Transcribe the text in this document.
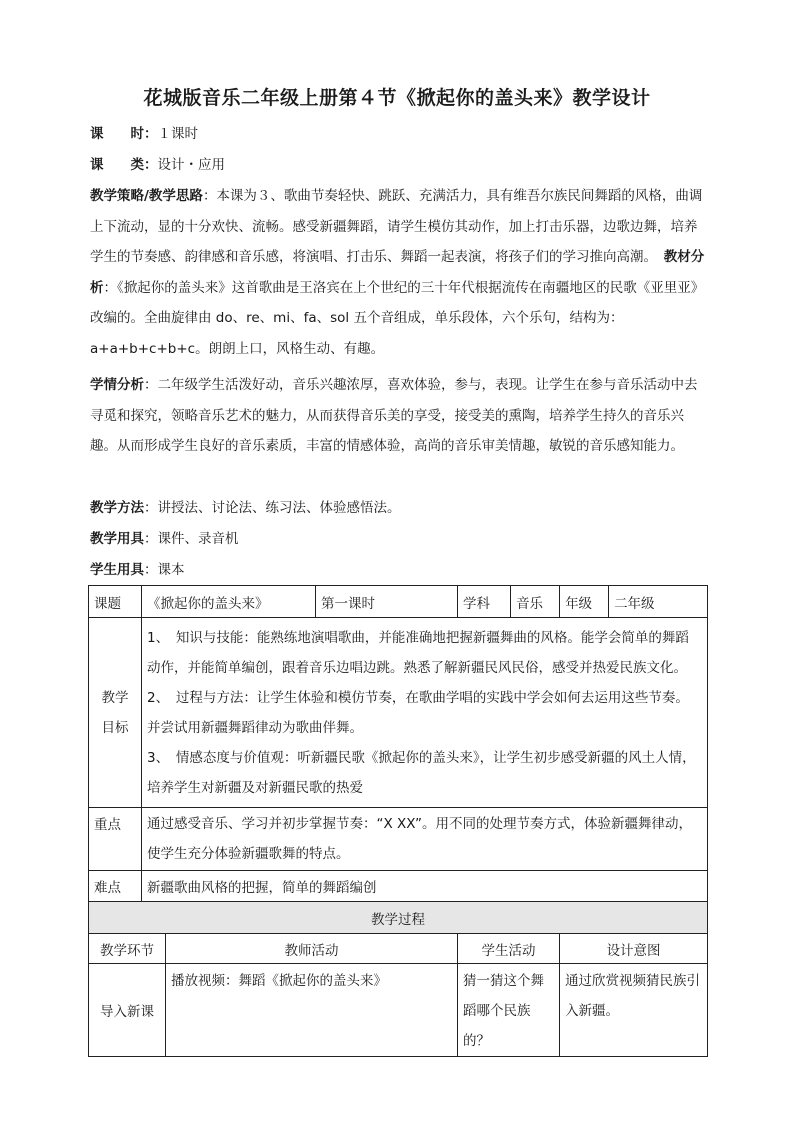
花城版音乐二年级上册第４节《掀起你的盖头来》教学设计
课　　时：１课时
课　　类：设计・应用
教学策略/教学思路：本课为３、歌曲节奏轻快、跳跃、充满活力，具有维吾尔族民间舞蹈的风格，曲调上下流动，显的十分欢快、流畅。感受新疆舞蹈，请学生模仿其动作，加上打击乐器，边歌边舞，培养学生的节奏感、韵律感和音乐感，将演唱、打击乐、舞蹈一起表演，将孩子们的学习推向高潮。　 教材分析：《掀起你的盖头来》这首歌曲是王洛宾在上个世纪的三十年代根据流传在南疆地区的民歌《亚里亚》改编的。全曲旋律由 do、re、mi、fa、sol 五个音组成，单乐段体，六个乐句，结构为：a+a+b+c+b+c。朗朗上口，风格生动、有趣。
学情分析：二年级学生活泼好动，音乐兴趣浓厚，喜欢体验，参与，表现。让学生在参与音乐活动中去寻觅和探究，领略音乐艺术的魅力，从而获得音乐美的享受，接受美的熏陶，培养学生持久的音乐兴趣。从而形成学生良好的音乐素质，丰富的情感体验，高尚的音乐审美情趣，敏锐的音乐感知能力。
教学方法：讲授法、讨论法、练习法、体验感悟法。
教学用具：课件、录音机
学生用具：课本
课题	《掀起你的盖头来》		第一课时	学科	音乐	年级	二年级
教学目标	1、　知识与技能：能熟练地演唱歌曲，并能准确地把握新疆舞曲的风格。能学会简单的舞蹈动作，并能简单编创，跟着音乐边唱边跳。熟悉了解新疆民风民俗，感受并热爱民族文化。
2、　过程与方法：让学生体验和模仿节奏，在歌曲学唱的实践中学会如何去运用这些节奏。并尝试用新疆舞蹈律动为歌曲伴舞。
3、　情感态度与价值观：听新疆民歌《掀起你的盖头来》，让学生初步感受新疆的风土人情，培养学生对新疆及对新疆民歌的热爱						

重点	通过感受音乐、学习并初步掌握节奏：“X XX”。用不同的处理节奏方式，体验新疆舞律动，使学生充分体验新疆歌舞的特点。						
难点	新疆歌曲风格的把握，简单的舞蹈编创						
教学过程							
教学环节		教师活动		学生活动		设计意图	
导入新课		播放视频：舞蹈《掀起你的盖头来》		猜一猜这个舞蹈哪个民族的？		通过欣赏视频猜民族引入新疆。	
